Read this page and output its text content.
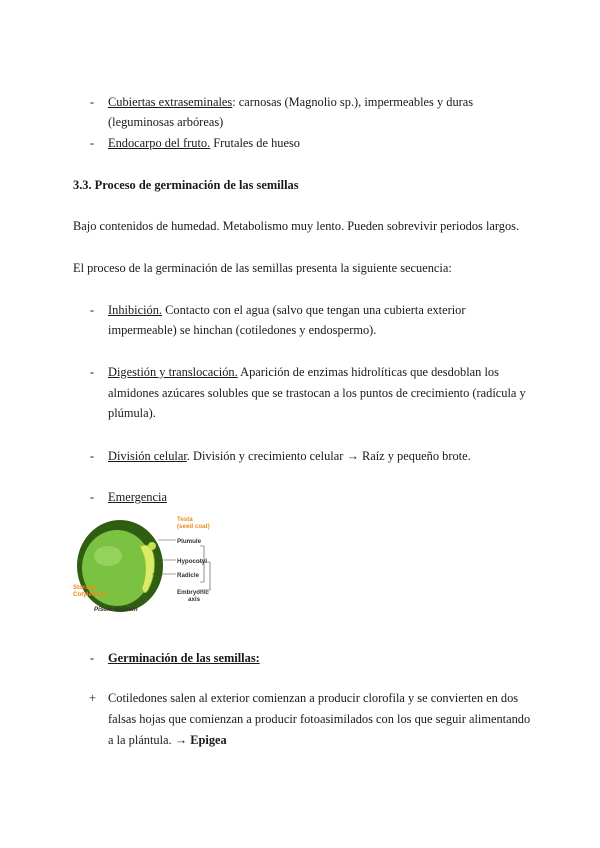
- Cubiertas extraseminales: carnosas (Magnolio sp.), impermeables y duras
(leguminosas arbóreas)
- Endocarpo del fruto. Frutales de hueso
3.3. Proceso de germinación de las semillas
Bajo contenidos de humedad. Metabolismo muy lento. Pueden sobrevivir periodos largos.
El proceso de la germinación de las semillas presenta la siguiente secuencia:
- Inhibición. Contacto con el agua (salvo que tengan una cubierta exterior
impermeable) se hinchan (cotiledones y endospermo).
- Digestión y translocación. Aparición de enzimas hidrolíticas que desdoblan los
almidones azúcares solubles que se trastocan a los puntos de crecimiento (radícula y
plúmula).
- División celular. División y crecimiento celular → Raíz y pequeño brote.
- Emergencia
Testa
(seed coat)
Plumule
Hypocotyl
Radicle
Embryonic
axis
Storage
Cotyledons
Pisum sativum
- Germinación de las semillas:
+ Cotiledones salen al exterior comienzan a producir clorofila y se convierten en dos
falsas hojas que comienzan a producir fotoasimilados con los que seguir alimentando
a la plántula. → Epigea
